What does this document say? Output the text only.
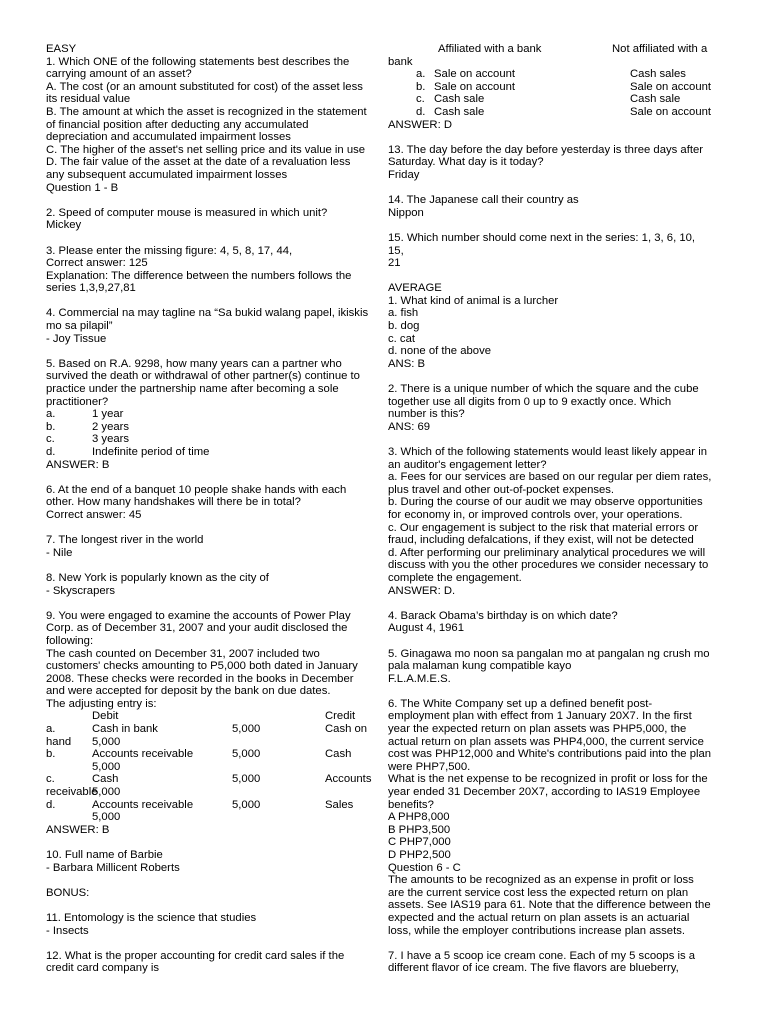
EASY
1. Which ONE of the following statements best describes the
carrying amount of an asset?
A. The cost (or an amount substituted for cost) of the asset less
its residual value
B. The amount at which the asset is recognized in the statement
of financial position after deducting any accumulated
depreciation and accumulated impairment losses
C. The higher of the asset's net selling price and its value in use
D. The fair value of the asset at the date of a revaluation less
any subsequent accumulated impairment losses
Question 1 - B
2. Speed of computer mouse is measured in which unit?
Mickey
3. Please enter the missing figure: 4, 5, 8, 17, 44,
Correct answer: 125
Explanation: The difference between the numbers follows the
series 1,3,9,27,81
4. Commercial na may tagline na “Sa bukid walang papel, ikiskis
mo sa pilapil”
- Joy Tissue
5. Based on R.A. 9298, how many years can a partner who
survived the death or withdrawal of other partner(s) continue to
practice under the partnership name after becoming a sole
practitioner?
a.	1 year
b.	2 years
c.	3 years
d.	Indefinite period of time
ANSWER: B
6. At the end of a banquet 10 people shake hands with each
other. How many handshakes will there be in total?
Correct answer: 45
7. The longest river in the world
- Nile
8. New York is popularly known as the city of
- Skyscrapers
9. You were engaged to examine the accounts of Power Play
Corp. as of December 31, 2007 and your audit disclosed the
following:
The cash counted on December 31, 2007 included two
customers' checks amounting to P5,000 both dated in January
2008. These checks were recorded in the books in December
and were accepted for deposit by the bank on due dates.
The adjusting entry is:
Debit	Credit
a.	Cash in bank	5,000	Cash on
hand 5,000
b.	Accounts receivable	5,000	Cash
5,000
c.	Cash	5,000	Accounts
receivable
5,000
d.	Accounts receivable	5,000	Sales
5,000
ANSWER: B
10. Full name of Barbie
- Barbara Millicent Roberts
BONUS:
11. Entomology is the science that studies
- Insects
12. What is the proper accounting for credit card sales if the
credit card company is
Affiliated with a bank	Not affiliated with a
bank
a. Sale on account	Cash sales
b. Sale on account	Sale on account
c. Cash sale	Cash sale
d. Cash sale	Sale on account
ANSWER: D
13. The day before the day before yesterday is three days after
Saturday. What day is it today?
Friday
14. The Japanese call their country as
Nippon
15. Which number should come next in the series: 1, 3, 6, 10,
15,
21
AVERAGE
1. What kind of animal is a lurcher
a. fish
b. dog
c. cat
d. none of the above
ANS: B
2. There is a unique number of which the square and the cube
together use all digits from 0 up to 9 exactly once. Which
number is this?
ANS: 69
3. Which of the following statements would least likely appear in
an auditor's engagement letter?
a. Fees for our services are based on our regular per diem rates,
plus travel and other out-of-pocket expenses.
b. During the course of our audit we may observe opportunities
for economy in, or improved controls over, your operations.
c. Our engagement is subject to the risk that material errors or
fraud, including defalcations, if they exist, will not be detected
d. After performing our preliminary analytical procedures we will
discuss with you the other procedures we consider necessary to
complete the engagement.
ANSWER: D.
4. Barack Obama’s birthday is on which date?
August 4, 1961
5. Ginagawa mo noon sa pangalan mo at pangalan ng crush mo
pala malaman kung compatible kayo
F.L.A.M.E.S.
6. The White Company set up a defined benefit post-
employment plan with effect from 1 January 20X7. In the first
year the expected return on plan assets was PHP5,000, the
actual return on plan assets was PHP4,000, the current service
cost was PHP12,000 and White's contributions paid into the plan
were PHP7,500.
What is the net expense to be recognized in profit or loss for the
year ended 31 December 20X7, according to IAS19 Employee
benefits?
A PHP8,000
B PHP3,500
C PHP7,000
D PHP2,500
Question 6 - C
The amounts to be recognized as an expense in profit or loss
are the current service cost less the expected return on plan
assets. See IAS19 para 61. Note that the difference between the
expected and the actual return on plan assets is an actuarial
loss, while the employer contributions increase plan assets.
7. I have a 5 scoop ice cream cone. Each of my 5 scoops is a
different flavor of ice cream. The five flavors are blueberry,
